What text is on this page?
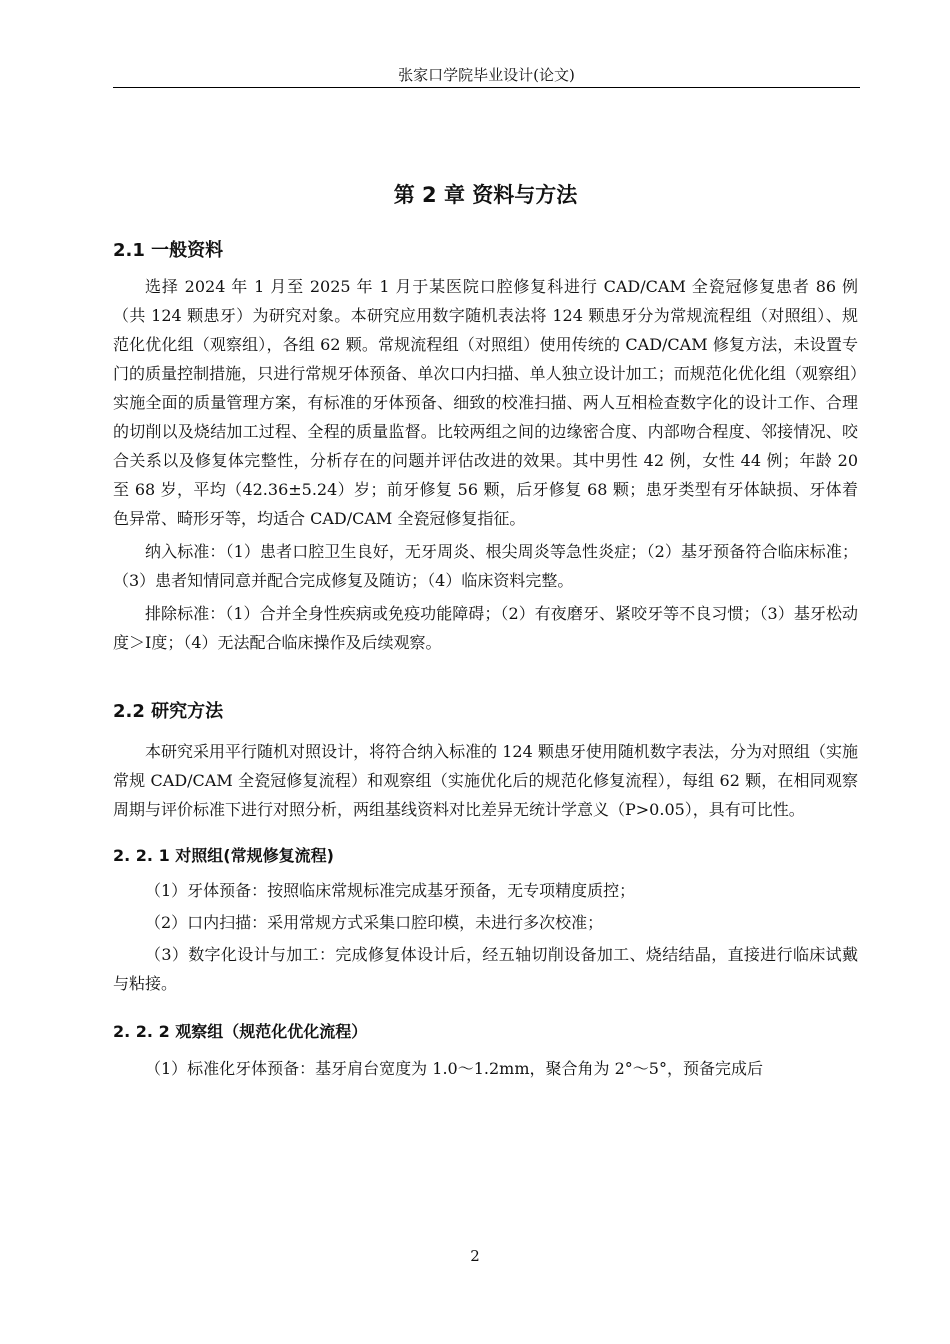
张家口学院毕业设计(论文)
第 2 章 资料与方法
2.1 一般资料

选择 2024 年 1 月至 2025 年 1 月于某医院口腔修复科进行 CAD/CAM 全瓷冠修复患者 86 例（共 124 颗患牙）为研究对象。本研究应用数字随机表法将 124 颗患牙分为常规流程组（对照组）、规范化优化组（观察组），各组 62 颗。常规流程组（对照组）使用传统的 CAD/CAM 修复方法，未设置专门的质量控制措施，只进行常规牙体预备、单次口内扫描、单人独立设计加工；而规范化优化组（观察组）实施全面的质量管理方案，有标准的牙体预备、细致的校准扫描、两人互相检查数字化的设计工作、合理的切削以及烧结加工过程、全程的质量监督。比较两组之间的边缘密合度、内部吻合程度、邻接情况、咬合关系以及修复体完整性，分析存在的问题并评估改进的效果。其中男性 42 例，女性 44 例；年龄 20 至 68 岁，平均（42.36±5.24）岁；前牙修复 56 颗，后牙修复 68 颗；患牙类型有牙体缺损、牙体着色异常、畸形牙等，均适合 CAD/CAM 全瓷冠修复指征。

纳入标准：（1）患者口腔卫生良好，无牙周炎、根尖周炎等急性炎症；（2）基牙预备符合临床标准；（3）患者知情同意并配合完成修复及随访；（4）临床资料完整。

排除标准：（1）合并全身性疾病或免疫功能障碍；（2）有夜磨牙、紧咬牙等不良习惯；（3）基牙松动度＞Ⅰ度；（4）无法配合临床操作及后续观察。

2.2 研究方法

本研究采用平行随机对照设计，将符合纳入标准的 124 颗患牙使用随机数字表法，分为对照组（实施常规 CAD/CAM 全瓷冠修复流程）和观察组（实施优化后的规范化修复流程），每组 62 颗，在相同观察周期与评价标准下进行对照分析，两组基线资料对比差异无统计学意义（P>0.05），具有可比性。

2. 2. 1 对照组(常规修复流程)

（1）牙体预备：按照临床常规标准完成基牙预备，无专项精度质控；

（2）口内扫描：采用常规方式采集口腔印模，未进行多次校准；

（3）数字化设计与加工：完成修复体设计后，经五轴切削设备加工、烧结结晶，直接进行临床试戴与粘接。

2. 2. 2 观察组（规范化优化流程）

（1）标准化牙体预备：基牙肩台宽度为 1.0～1.2mm，聚合角为 2°～5°，预备完成后

2
